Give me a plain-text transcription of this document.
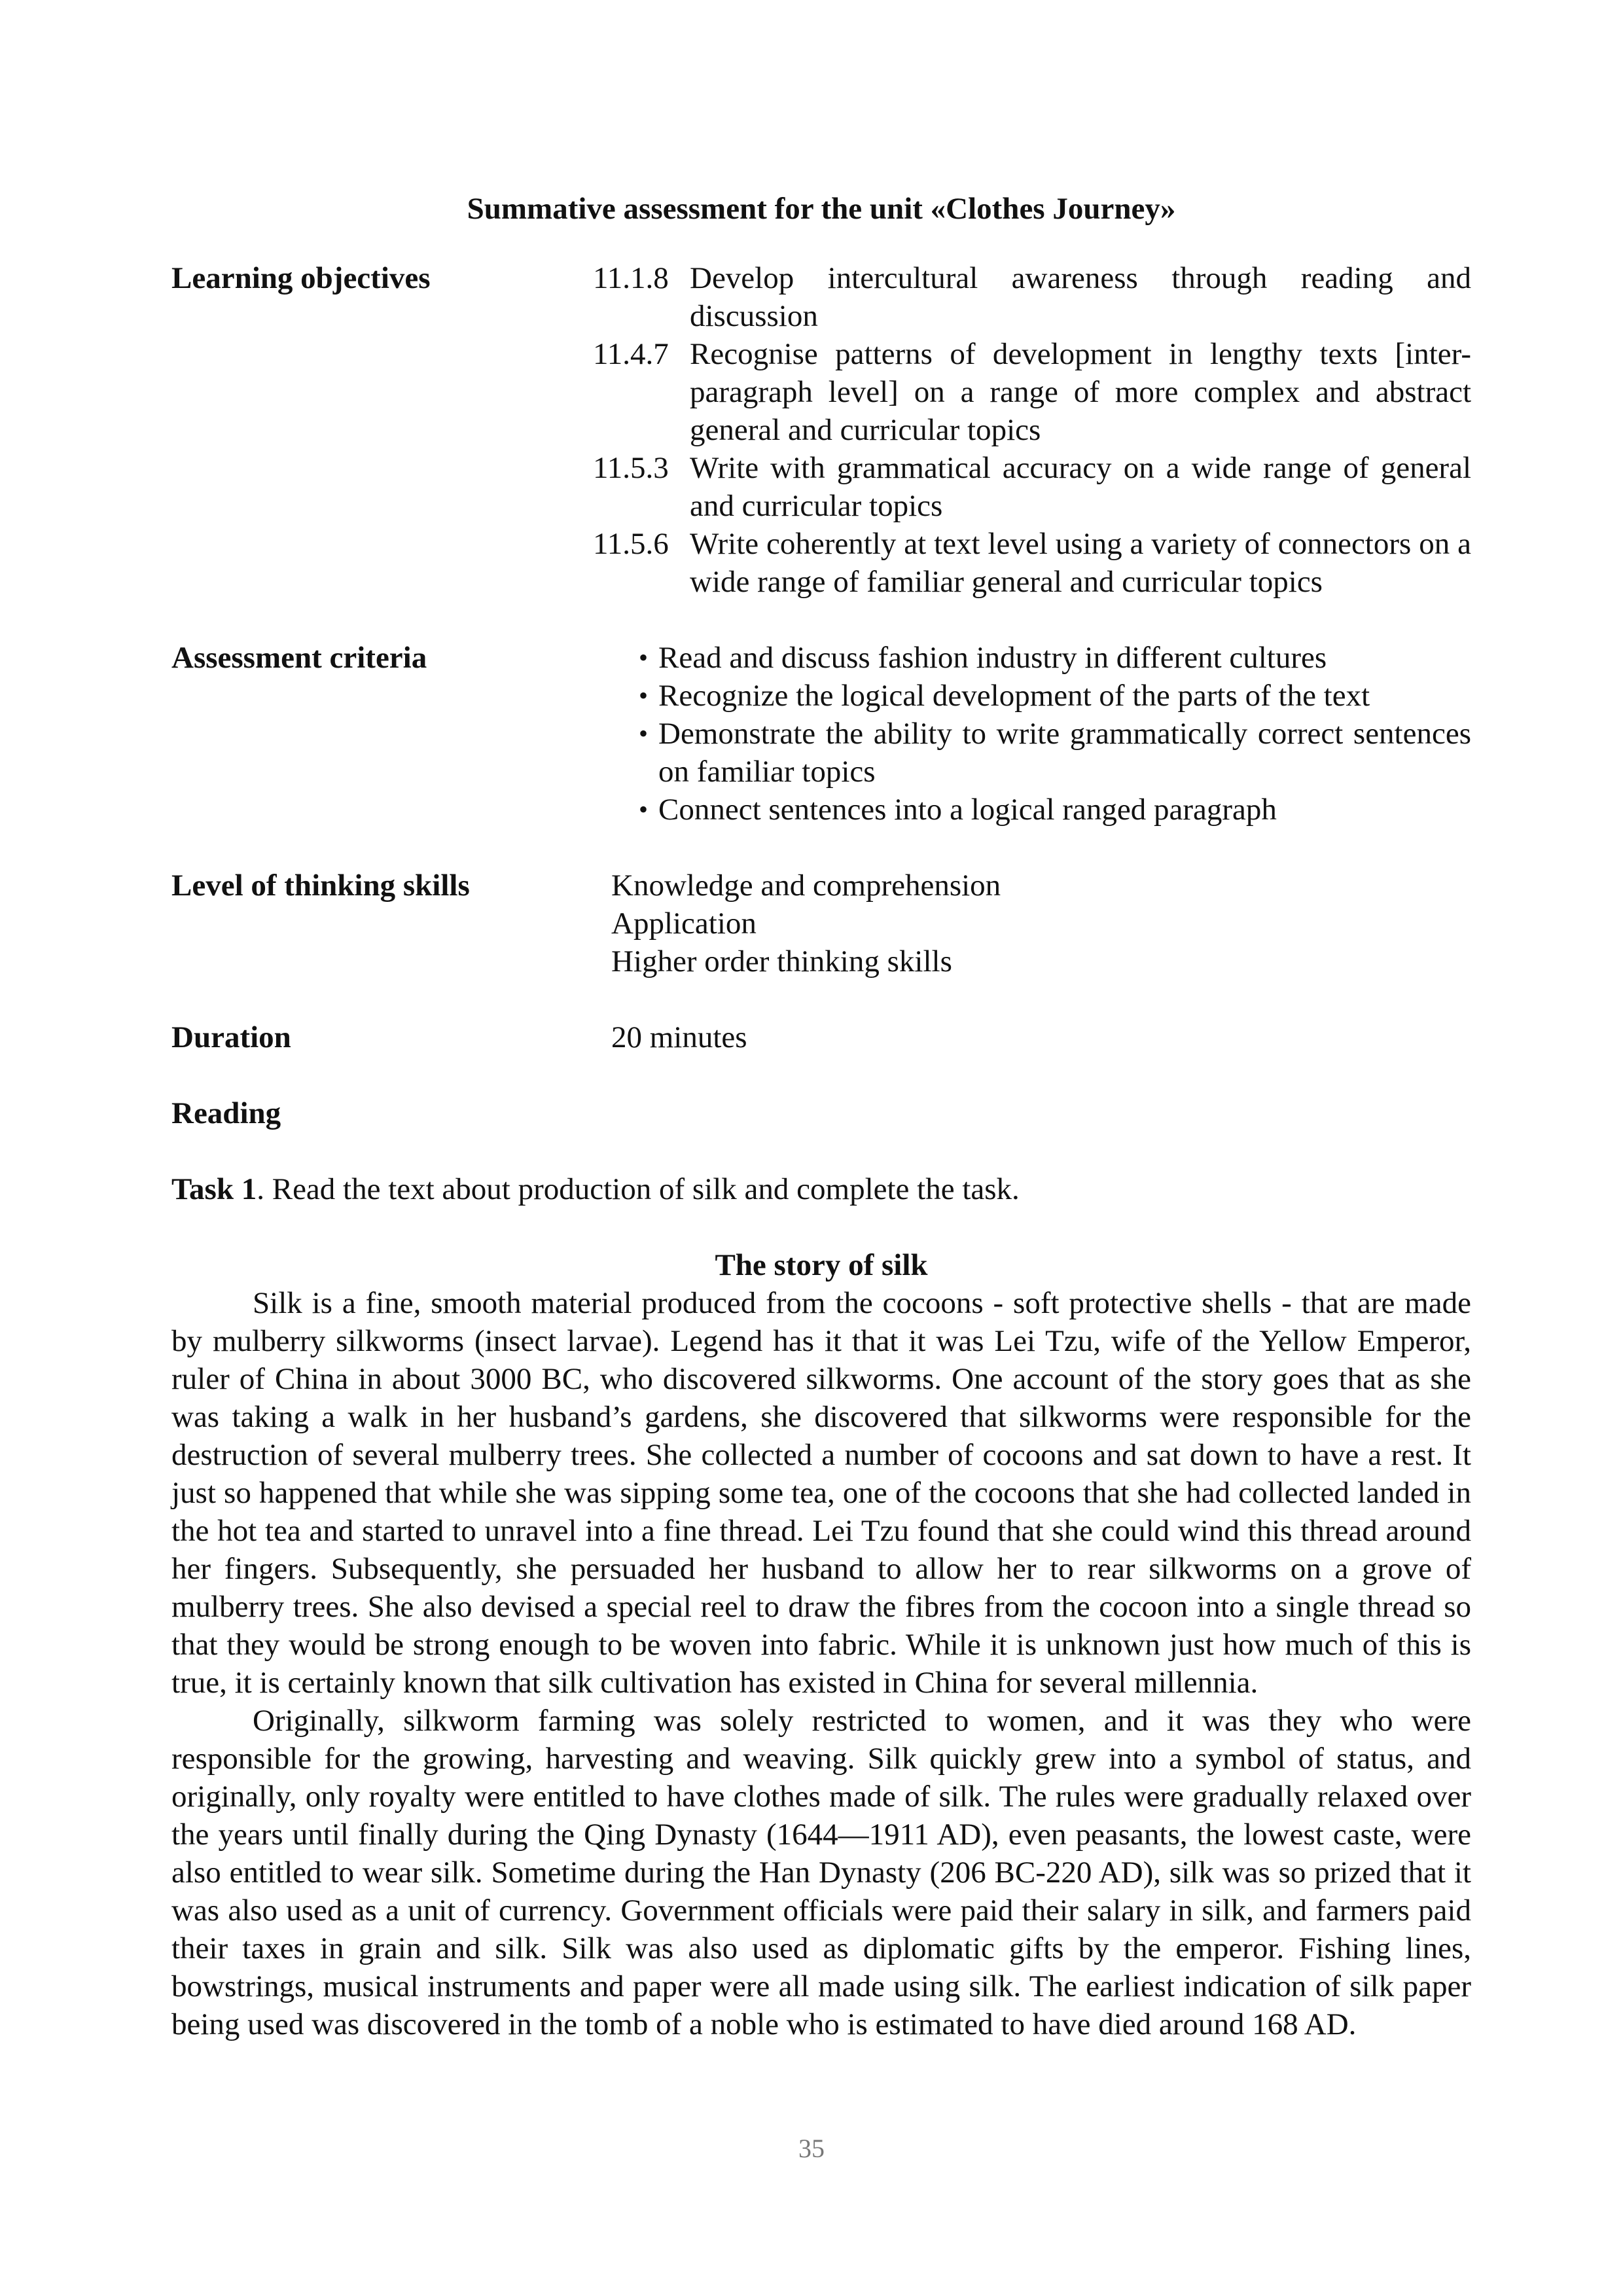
Summative assessment for the unit «Clothes Journey»
Learning objectives	11.1.8 Develop intercultural awareness through reading and discussion
11.4.7 Recognise patterns of development in lengthy texts [inter-paragraph level] on a range of more complex and abstract general and curricular topics
11.5.3 Write with grammatical accuracy on a wide range of general and curricular topics
11.5.6 Write coherently at text level using a variety of connectors on a wide range of familiar general and curricular topics
Assessment criteria	• Read and discuss fashion industry in different cultures
• Recognize the logical development of the parts of the text
• Demonstrate the ability to write grammatically correct sentences on familiar topics
• Connect sentences into a logical ranged paragraph
Level of thinking skills	Knowledge and comprehension
Application
Higher order thinking skills
Duration	20 minutes
Reading
Task 1. Read the text about production of silk and complete the task.
The story of silk

Silk is a fine, smooth material produced from the cocoons - soft protective shells - that are made by mulberry silkworms (insect larvae). Legend has it that it was Lei Tzu, wife of the Yellow Emperor, ruler of China in about 3000 BC, who discovered silkworms. One account of the story goes that as she was taking a walk in her husband’s gardens, she discovered that silkworms were responsible for the destruction of several mulberry trees. She collected a number of cocoons and sat down to have a rest. It just so happened that while she was sipping some tea, one of the cocoons that she had collected landed in the hot tea and started to unravel into a fine thread. Lei Tzu found that she could wind this thread around her fingers. Subsequently, she persuaded her husband to allow her to rear silkworms on a grove of mulberry trees. She also devised a special reel to draw the fibres from the cocoon into a single thread so that they would be strong enough to be woven into fabric. While it is unknown just how much of this is true, it is certainly known that silk cultivation has existed in China for several millennia.

Originally, silkworm farming was solely restricted to women, and it was they who were responsible for the growing, harvesting and weaving. Silk quickly grew into a symbol of status, and originally, only royalty were entitled to have clothes made of silk. The rules were gradually relaxed over the years until finally during the Qing Dynasty (1644—1911 AD), even peasants, the lowest caste, were also entitled to wear silk. Sometime during the Han Dynasty (206 BC-220 AD), silk was so prized that it was also used as a unit of currency. Government officials were paid their salary in silk, and farmers paid their taxes in grain and silk. Silk was also used as diplomatic gifts by the emperor. Fishing lines, bowstrings, musical instruments and paper were all made using silk. The earliest indication of silk paper being used was discovered in the tomb of a noble who is estimated to have died around 168 AD.

35
